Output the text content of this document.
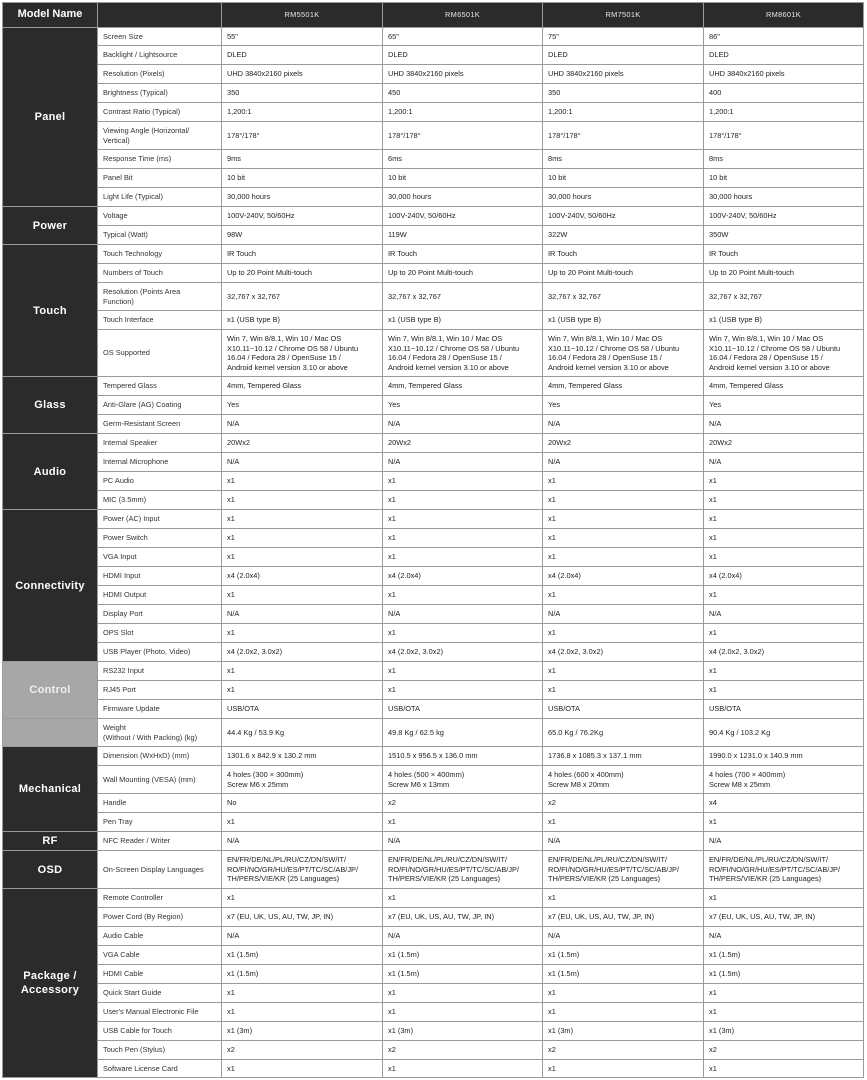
Model Name		RM5501K	RM6501K	RM7501K	RM8601K
Panel	Screen Size	55"	65"	75"	86"
	Backlight / Lightsource	DLED	DLED	DLED	DLED
	Resolution (Pixels)	UHD 3840x2160 pixels	UHD 3840x2160 pixels	UHD 3840x2160 pixels	UHD 3840x2160 pixels
	Brightness (Typical)	350	450	350	400
	Contrast Ratio (Typical)	1,200:1	1,200:1	1,200:1	1,200:1
	Viewing Angle (Horizontal/
Vertical)	178°/178°	178°/178°	178°/178°	178°/178°
	Response Time (ms)	9ms	6ms	8ms	8ms
	Panel Bit	10 bit	10 bit	10 bit	10 bit
	Light Life (Typical)	30,000 hours	30,000 hours	30,000 hours	30,000 hours
Power	Voltage	100V-240V, 50/60Hz	100V-240V, 50/60Hz	100V-240V, 50/60Hz	100V-240V, 50/60Hz
	Typical (Watt)	98W	119W	322W	350W
Touch	Touch Technology	IR Touch	IR Touch	IR Touch	IR Touch
	Numbers of Touch	Up to 20 Point Multi-touch	Up to 20 Point Multi-touch	Up to 20 Point Multi-touch	Up to 20 Point Multi-touch
	Resolution (Points Area
Function)	32,767 x 32,767	32,767 x 32,767	32,767 x 32,767	32,767 x 32,767
	Touch Interface	x1 (USB type B)	x1 (USB type B)	x1 (USB type B)	x1 (USB type B)
	OS Supported	Win 7, Win 8/8.1, Win 10 / Mac OS
X10.11~10.12 / Chrome OS 58 / Ubuntu
16.04 / Fedora 28 / OpenSuse 15 /
Android kernel version 3.10 or above	Win 7, Win 8/8.1, Win 10 / Mac OS
X10.11~10.12 / Chrome OS 58 / Ubuntu
16.04 / Fedora 28 / OpenSuse 15 /
Android kernel version 3.10 or above	Win 7, Win 8/8.1, Win 10 / Mac OS
X10.11~10.12 / Chrome OS 58 / Ubuntu
16.04 / Fedora 28 / OpenSuse 15 /
Android kernel version 3.10 or above	Win 7, Win 8/8.1, Win 10 / Mac OS
X10.11~10.12 / Chrome OS 58 / Ubuntu
16.04 / Fedora 28 / OpenSuse 15 /
Android kernel version 3.10 or above
Glass	Tempered Glass	4mm, Tempered Glass	4mm, Tempered Glass	4mm, Tempered Glass	4mm, Tempered Glass
	Anti-Glare (AG) Coating	Yes	Yes	Yes	Yes
	Germ-Resistant Screen	N/A	N/A	N/A	N/A
Audio	Internal Speaker	20Wx2	20Wx2	20Wx2	20Wx2
	Internal Microphone	N/A	N/A	N/A	N/A
	PC Audio	x1	x1	x1	x1
	MIC (3.5mm)	x1	x1	x1	x1
Connectivity	Power (AC) Input	x1	x1	x1	x1
	Power Switch	x1	x1	x1	x1
	VGA Input	x1	x1	x1	x1
	HDMI Input	x4 (2.0x4)	x4 (2.0x4)	x4 (2.0x4)	x4 (2.0x4)
	HDMI Output	x1	x1	x1	x1
	Display Port	N/A	N/A	N/A	N/A
	OPS Slot	x1	x1	x1	x1
	USB Player (Photo, Video)	x4 (2.0x2, 3.0x2)	x4 (2.0x2, 3.0x2)	x4 (2.0x2, 3.0x2)	x4 (2.0x2, 3.0x2)
Control	RS232 Input	x1	x1	x1	x1
	RJ45 Port	x1	x1	x1	x1
	Firmware Update	USB/OTA	USB/OTA	USB/OTA	USB/OTA
	Weight
(Without / With Packing) (kg)	44.4 Kg / 53.9 Kg	49.8 Kg / 62.5 kg	65.0 Kg / 76.2Kg	90.4 Kg / 103.2 Kg
Mechanical	Dimension (WxHxD) (mm)	1301.6 x 842.9 x 130.2 mm	1510.5 x 956.5 x 136.0 mm	1736.8 x 1085.3 x 137.1 mm	1990.0 x 1231.0 x 140.9 mm
	Wall Mounting (VESA) (mm)	4 holes (300 × 300mm)
Screw M6 x 25mm	4 holes (500 × 400mm)
Screw M6 x 13mm	4 holes (600 x 400mm)
Screw M8 x 20mm	4 holes (700 × 400mm)
Screw M8 x 25mm
	Handle	No	x2	x2	x4
	Pen Tray	x1	x1	x1	x1
RF	NFC Reader / Writer	N/A	N/A	N/A	N/A
OSD	On-Screen Display Languages	EN/FR/DE/NL/PL/RU/CZ/DN/SW/IT/
RO/FI/NO/GR/HU/ES/PT/TC/SC/AB/JP/
TH/PERS/VIE/KR (25 Languages)	EN/FR/DE/NL/PL/RU/CZ/DN/SW/IT/
RO/FI/NO/GR/HU/ES/PT/TC/SC/AB/JP/
TH/PERS/VIE/KR (25 Languages)	EN/FR/DE/NL/PL/RU/CZ/DN/SW/IT/
RO/FI/NO/GR/HU/ES/PT/TC/SC/AB/JP/
TH/PERS/VIE/KR (25 Languages)	EN/FR/DE/NL/PL/RU/CZ/DN/SW/IT/
RO/FI/NO/GR/HU/ES/PT/TC/SC/AB/JP/
TH/PERS/VIE/KR (25 Languages)
Package /
Accessory	Remote Controller	x1	x1	x1	x1
	Power Cord (By Region)	x7 (EU, UK, US, AU, TW, JP, IN)	x7 (EU, UK, US, AU, TW, JP, IN)	x7 (EU, UK, US, AU, TW, JP, IN)	x7 (EU, UK, US, AU, TW, JP, IN)
	Audio Cable	N/A	N/A	N/A	N/A
	VGA Cable	x1 (1.5m)	x1 (1.5m)	x1 (1.5m)	x1 (1.5m)
	HDMI Cable	x1 (1.5m)	x1 (1.5m)	x1 (1.5m)	x1 (1.5m)
	Quick Start Guide	x1	x1	x1	x1
	User's Manual Electronic File	x1	x1	x1	x1
	USB Cable for Touch	x1 (3m)	x1 (3m)	x1 (3m)	x1 (3m)
	Touch Pen (Stylus)	x2	x2	x2	x2
	Software License Card	x1	x1	x1	x1
